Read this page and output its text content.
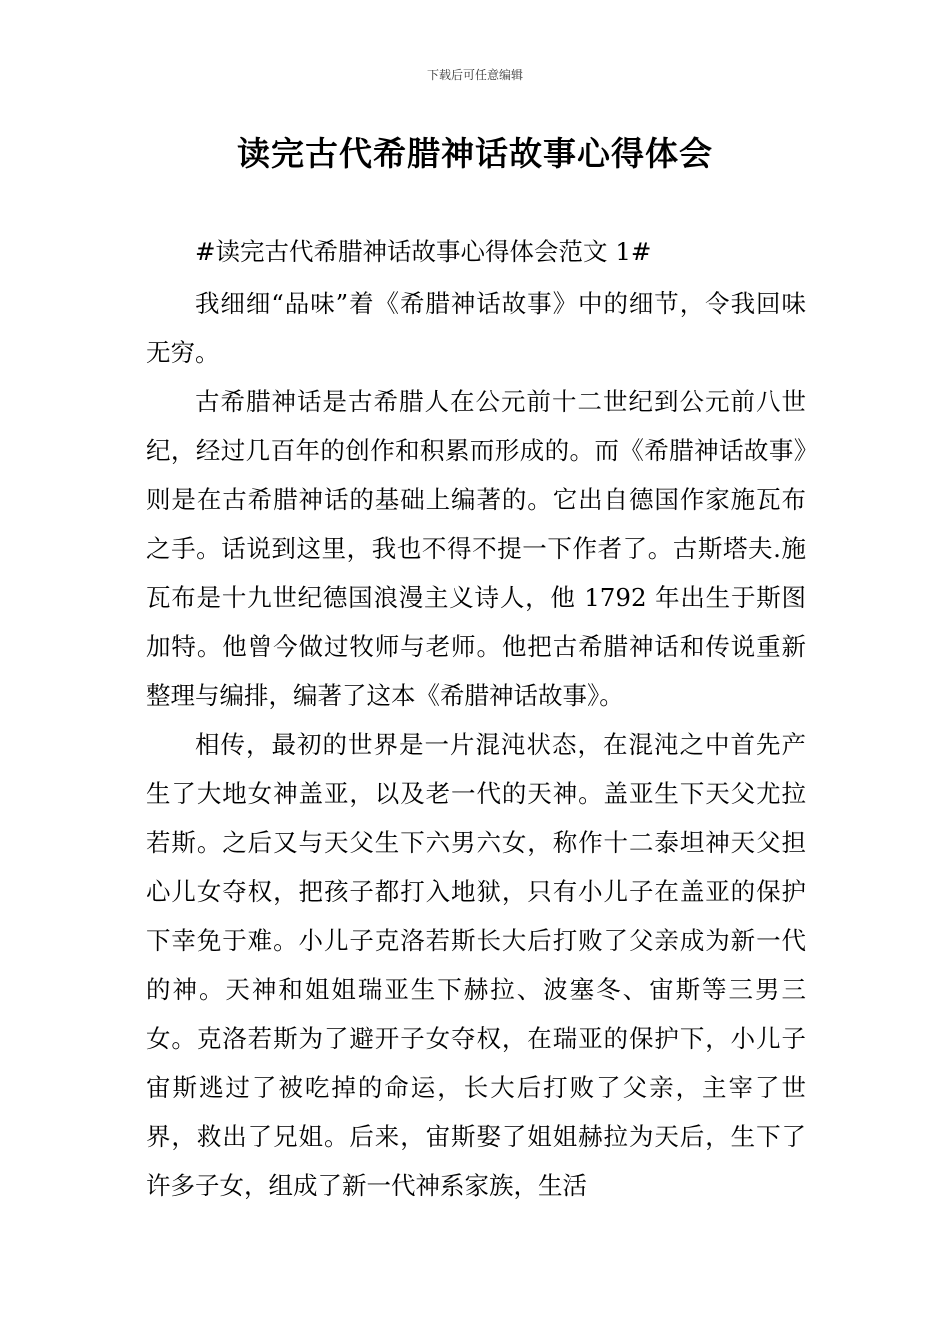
下载后可任意编辑
读完古代希腊神话故事心得体会

#读完古代希腊神话故事心得体会范文 1#

我细细“品味”着《希腊神话故事》中的细节，令我回味无穷。

古希腊神话是古希腊人在公元前十二世纪到公元前八世纪，经过几百年的创作和积累而形成的。而《希腊神话故事》则是在古希腊神话的基础上编著的。它出自德国作家施瓦布之手。话说到这里，我也不得不提一下作者了。古斯塔夫.施瓦布是十九世纪德国浪漫主义诗人，他 1792 年出生于斯图加特。他曾今做过牧师与老师。他把古希腊神话和传说重新整理与编排，编著了这本《希腊神话故事》。

相传，最初的世界是一片混沌状态，在混沌之中首先产生了大地女神盖亚，以及老一代的天神。盖亚生下天父尤拉若斯。之后又与天父生下六男六女，称作十二泰坦神天父担心儿女夺权，把孩子都打入地狱，只有小儿子在盖亚的保护下幸免于难。小儿子克洛若斯长大后打败了父亲成为新一代的神。天神和姐姐瑞亚生下赫拉、波塞冬、宙斯等三男三女。克洛若斯为了避开子女夺权，在瑞亚的保护下，小儿子宙斯逃过了被吃掉的命运，长大后打败了父亲，主宰了世界，救出了兄姐。后来，宙斯娶了姐姐赫拉为天后，生下了许多子女，组成了新一代神系家族，生活
